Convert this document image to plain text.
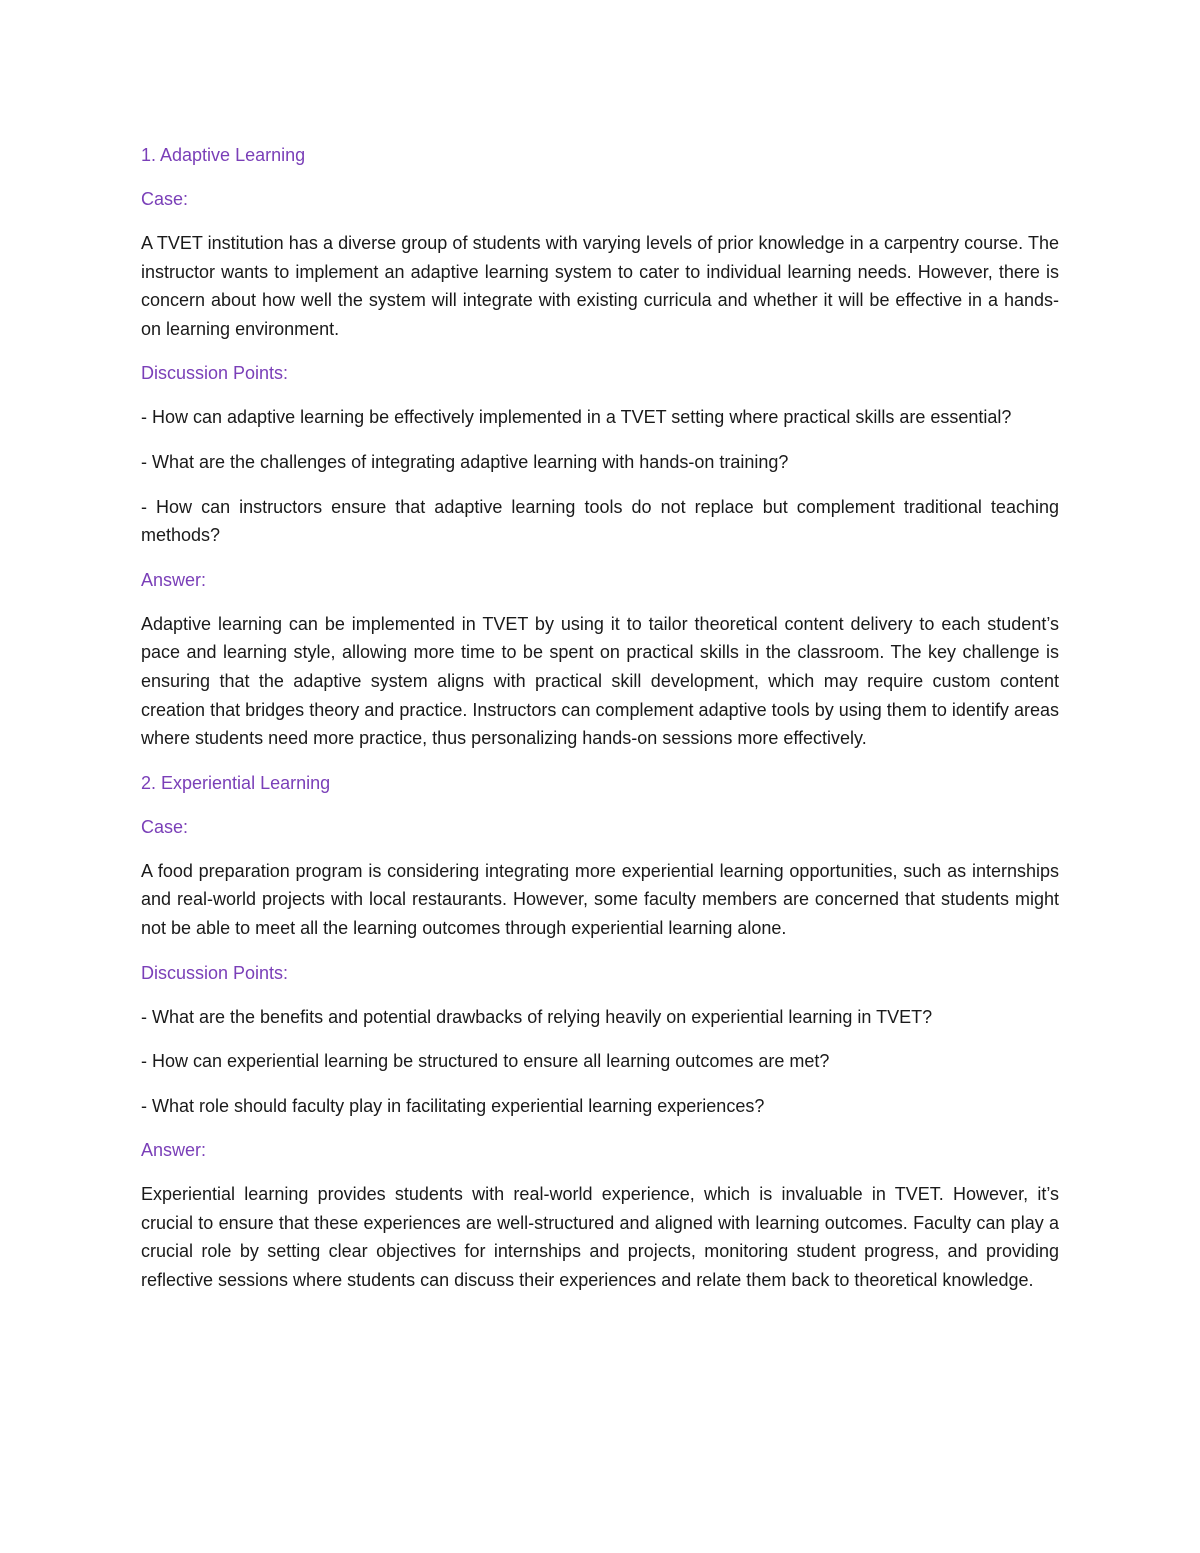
1. Adaptive Learning
Case:
A TVET institution has a diverse group of students with varying levels of prior knowledge in a carpentry course. The instructor wants to implement an adaptive learning system to cater to individual learning needs. However, there is concern about how well the system will integrate with existing curricula and whether it will be effective in a hands-on learning environment.
Discussion Points:
- How can adaptive learning be effectively implemented in a TVET setting where practical skills are essential?
- What are the challenges of integrating adaptive learning with hands-on training?
- How can instructors ensure that adaptive learning tools do not replace but complement traditional teaching methods?
Answer:
Adaptive learning can be implemented in TVET by using it to tailor theoretical content delivery to each student’s pace and learning style, allowing more time to be spent on practical skills in the classroom. The key challenge is ensuring that the adaptive system aligns with practical skill development, which may require custom content creation that bridges theory and practice. Instructors can complement adaptive tools by using them to identify areas where students need more practice, thus personalizing hands-on sessions more effectively.
2. Experiential Learning
Case:
A food preparation program is considering integrating more experiential learning opportunities, such as internships and real-world projects with local restaurants. However, some faculty members are concerned that students might not be able to meet all the learning outcomes through experiential learning alone.
Discussion Points:
- What are the benefits and potential drawbacks of relying heavily on experiential learning in TVET?
- How can experiential learning be structured to ensure all learning outcomes are met?
- What role should faculty play in facilitating experiential learning experiences?
Answer:
Experiential learning provides students with real-world experience, which is invaluable in TVET. However, it’s crucial to ensure that these experiences are well-structured and aligned with learning outcomes. Faculty can play a crucial role by setting clear objectives for internships and projects, monitoring student progress, and providing reflective sessions where students can discuss their experiences and relate them back to theoretical knowledge.
